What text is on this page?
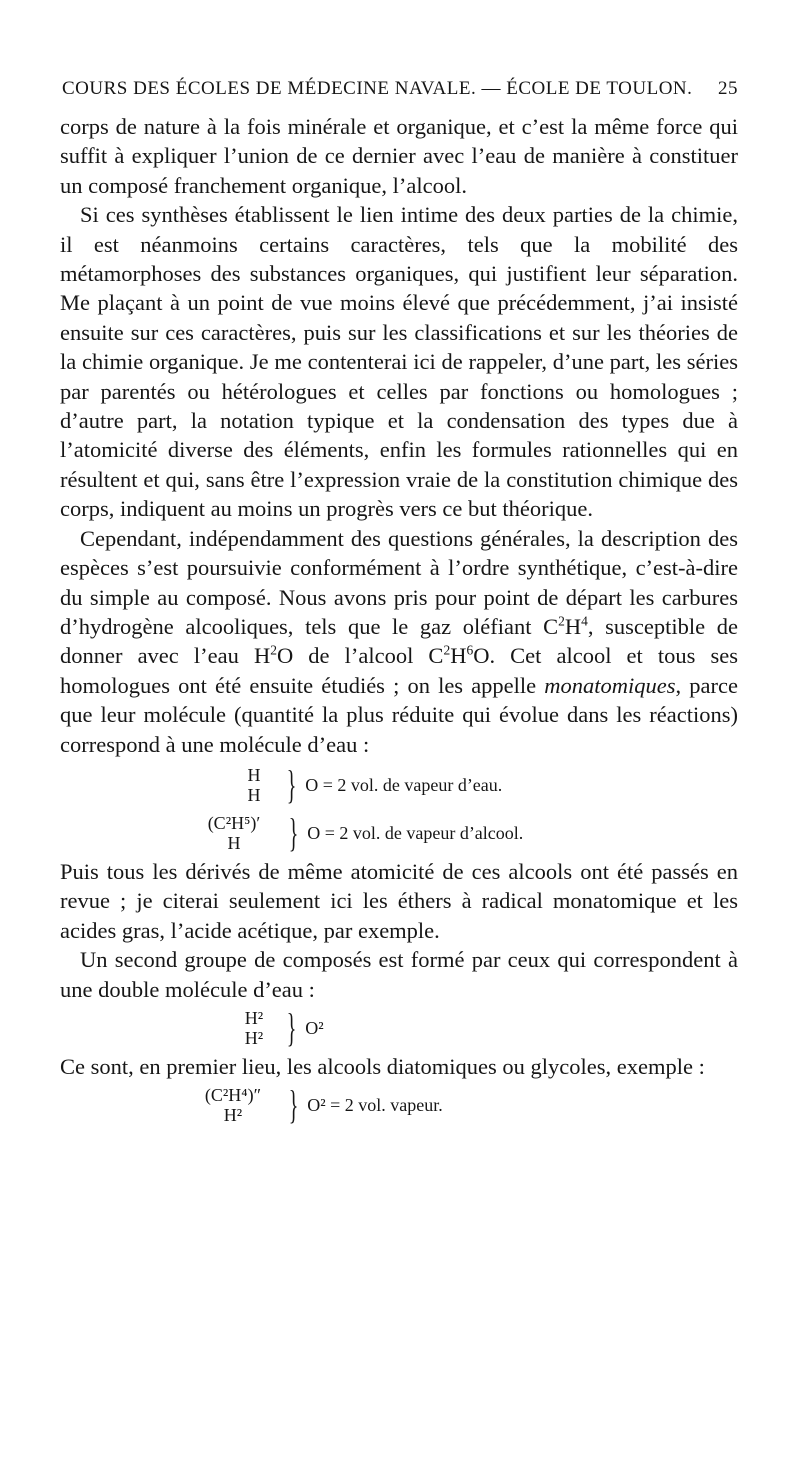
COURS DES ÉCOLES DE MÉDECINE NAVALE. — ÉCOLE DE TOULON. 25

corps de nature à la fois minérale et organique, et c’est la même force qui suffit à expliquer l’union de ce dernier avec l’eau de manière à constituer un composé franchement organique, l’alcool.

Si ces synthèses établissent le lien intime des deux parties de la chimie, il est néanmoins certains caractères, tels que la mobilité des métamorphoses des substances organiques, qui justifient leur séparation. Me plaçant à un point de vue moins élevé que précédemment, j’ai insisté ensuite sur ces caractères, puis sur les classifications et sur les théories de la chimie organique. Je me contenterai ici de rappeler, d’une part, les séries par parentés ou hétérologues et celles par fonctions ou homologues ; d’autre part, la notation typique et la condensation des types due à l’atomicité diverse des éléments, enfin les formules rationnelles qui en résultent et qui, sans être l’expression vraie de la constitution chimique des corps, indiquent au moins un progrès vers ce but théorique.

Cependant, indépendamment des questions générales, la description des espèces s’est poursuivie conformément à l’ordre synthétique, c’est-à-dire du simple au composé. Nous avons pris pour point de départ les carbures d’hydrogène alcooliques, tels que le gaz oléfiant $C^2H^4$, susceptible de donner avec l’eau $H^2O$ de l’alcool $C^2H^6O$. Cet alcool et tous ses homologues ont été ensuite étudiés ; on les appelle monatomiques, parce que leur molécule (quantité la plus réduite qui évolue dans les réactions) correspond à une molécule d’eau :

H
H } O = 2 vol. de vapeur d’eau.
(C²H⁵)′
H } O = 2 vol. de vapeur d’alcool.

Puis tous les dérivés de même atomicité de ces alcools ont été passés en revue ; je citerai seulement ici les éthers à radical monatomique et les acides gras, l’acide acétique, par exemple.

Un second groupe de composés est formé par ceux qui correspondent à une double molécule d’eau :

H²
H² } O²

Ce sont, en premier lieu, les alcools diatomiques ou glycoles, exemple :

(C²H⁴)″
H² } O² = 2 vol. vapeur.
